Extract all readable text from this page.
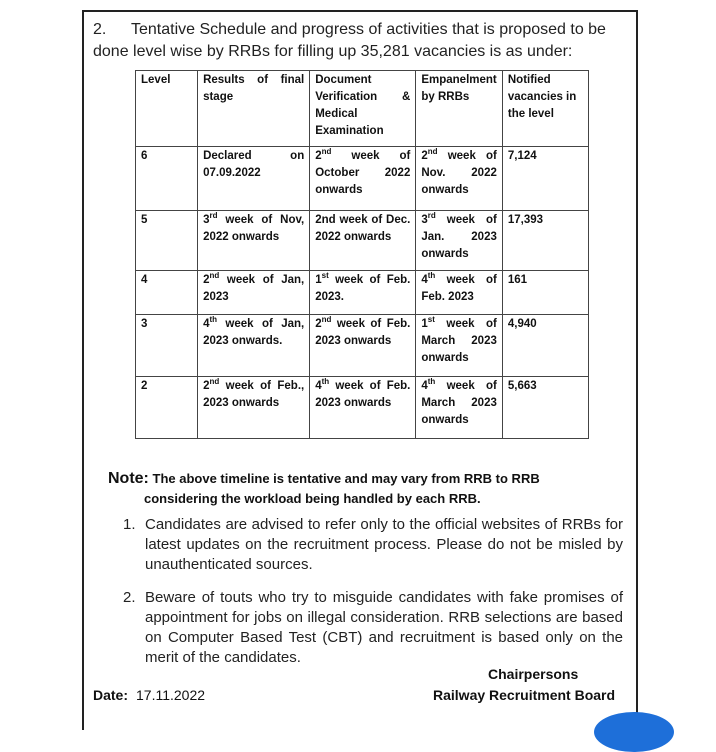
2. Tentative Schedule and progress of activities that is proposed to be done level wise by RRBs for filling up 35,281 vacancies is as under:
Level	Results of final stage	Document Verification & Medical Examination	Empanelment by RRBs	Notified vacancies in the level
6	Declared on 07.09.2022	2nd week of October 2022 onwards	2nd week of Nov. 2022 onwards	7,124
5	3rd week of Nov, 2022 onwards	2nd week of Dec. 2022 onwards	3rd week of Jan. 2023 onwards	17,393
4	2nd week of Jan, 2023	1st week of Feb. 2023.	4th week of Feb. 2023	161
3	4th week of Jan, 2023 onwards.	2nd week of Feb. 2023 onwards	1st week of March 2023 onwards	4,940
2	2nd week of Feb., 2023 onwards	4th week of Feb. 2023 onwards	4th week of March 2023 onwards	5,663
Note: The above timeline is tentative and may vary from RRB to RRB
considering the workload being handled by each RRB.
1. Candidates are advised to refer only to the official websites of RRBs for latest updates on the recruitment process. Please do not be misled by unauthenticated sources.
2. Beware of touts who try to misguide candidates with fake promises of appointment for jobs on illegal consideration. RRB selections are based on Computer Based Test (CBT) and recruitment is based only on the merit of the candidates.
Chairpersons
Railway Recruitment Board
Date: 17.11.2022
